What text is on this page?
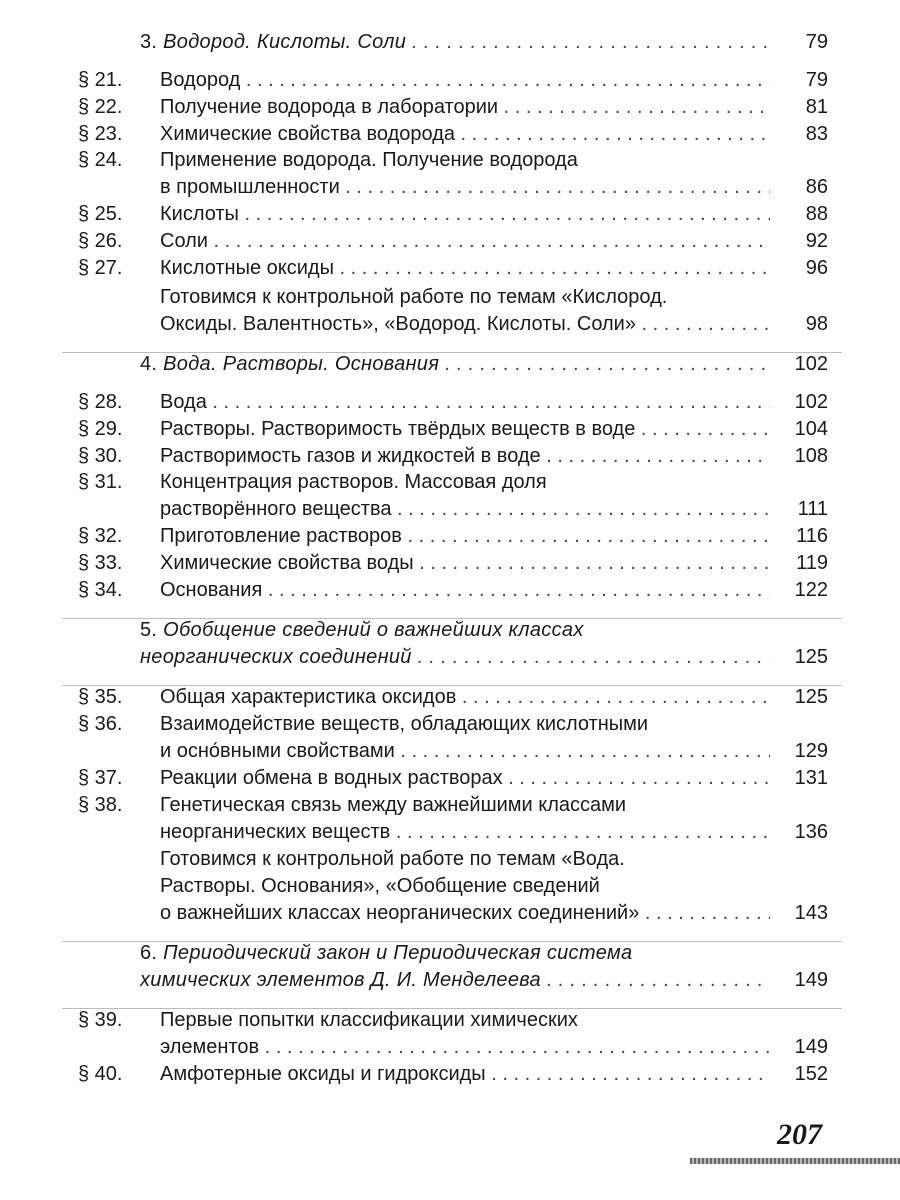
3. Водород. Кислоты. Соли . . .	79
§ 21. Водород . . .	79
§ 22. Получение водорода в лаборатории . . .	81
§ 23. Химические свойства водорода . . .	83
§ 24. Применение водорода. Получение водорода
в промышленности . . .	86
§ 25. Кислоты . . .	88
§ 26. Соли . . .	92
§ 27. Кислотные оксиды . . .	96
Готовимся к контрольной работе по темам «Кислород.
Оксиды. Валентность», «Водород. Кислоты. Соли» . . .	98
4. Вода. Растворы. Основания . . .	102
§ 28. Вода . . .	102
§ 29. Растворы. Растворимость твёрдых веществ в воде . . .	104
§ 30. Растворимость газов и жидкостей в воде . . .	108
§ 31. Концентрация растворов. Массовая доля
растворённого вещества . . .	111
§ 32. Приготовление растворов . . .	116
§ 33. Химические свойства воды . . .	119
§ 34. Основания . . .	122
5. Обобщение сведений о важнейших классах
неорганических соединений . . .	125
§ 35. Общая характеристика оксидов . . .	125
§ 36. Взаимодействие веществ, обладающих кислотными
и осно́вными свойствами . . .	129
§ 37. Реакции обмена в водных растворах . . .	131
§ 38. Генетическая связь между важнейшими классами
неорганических веществ . . .	136
Готовимся к контрольной работе по темам «Вода.
Растворы. Основания», «Обобщение сведений
о важнейших классах неорганических соединений» . . .	143
6. Периодический закон и Периодическая система
химических элементов Д. И. Менделеева . . .	149
§ 39. Первые попытки классификации химических
элементов . . .	149
§ 40. Амфотерные оксиды и гидроксиды . . .	152
207
